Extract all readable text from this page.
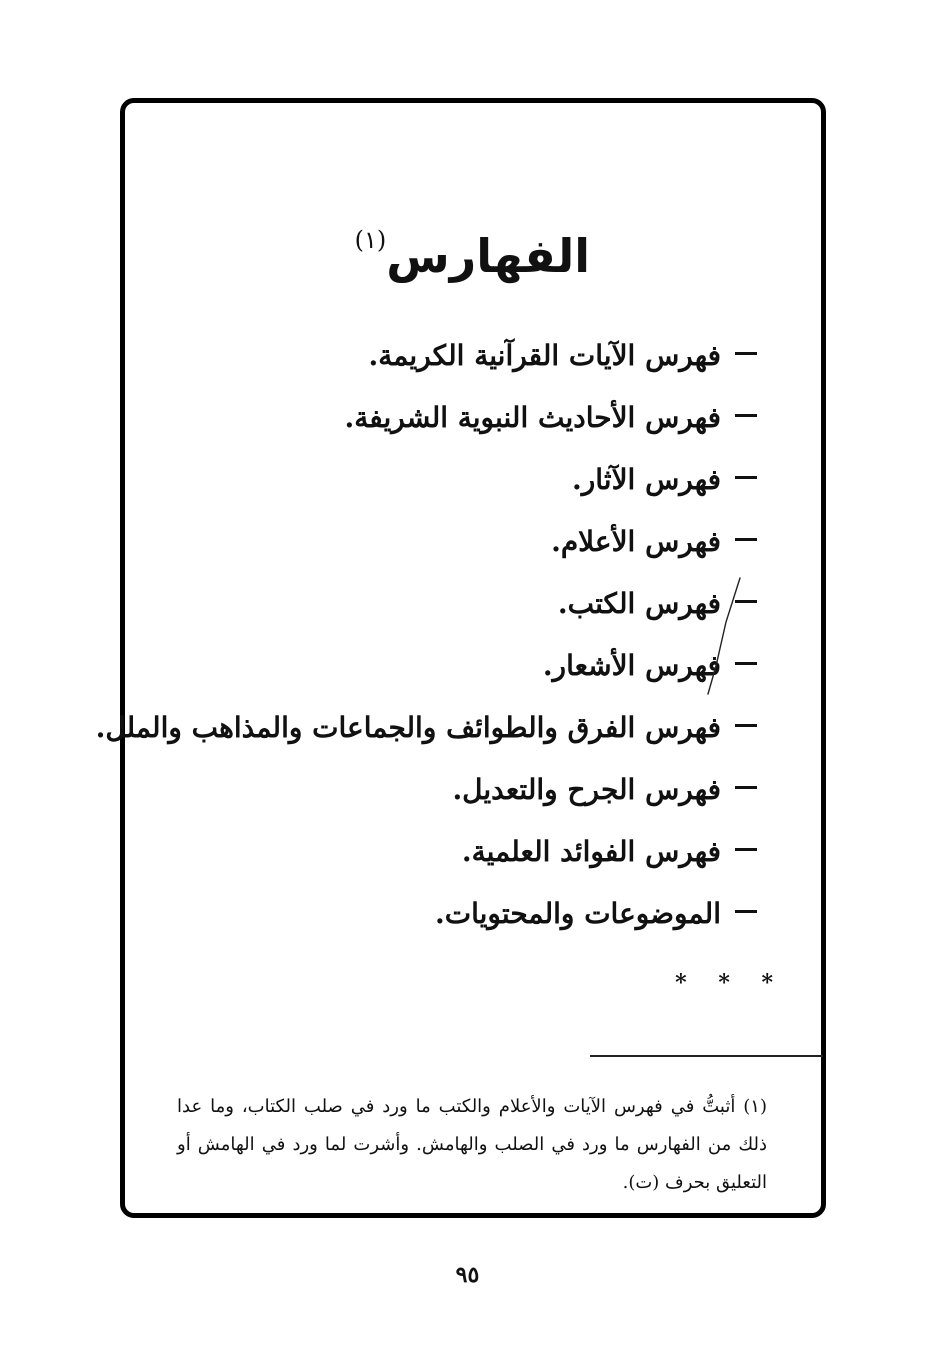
الفهارس$^{(١)}$
فهرس الآيات القرآنية الكريمة.
فهرس الأحاديث النبوية الشريفة.
فهرس الآثار.
فهرس الأعلام.
فهرس الكتب.
فهرس الأشعار.
فهرس الفرق والطوائف والجماعات والمذاهب والملل.
فهرس الجرح والتعديل.
فهرس الفوائد العلمية.
الموضوعات والمحتويات.
* * *

(١) أثبتُّ في فهرس الآيات والأعلام والكتب ما ورد في صلب الكتاب، وما عدا ذلك من الفهارس ما ورد في الصلب والهامش. وأشرت لما ورد في الهامش أو التعليق بحرف (ت).

٩٥
